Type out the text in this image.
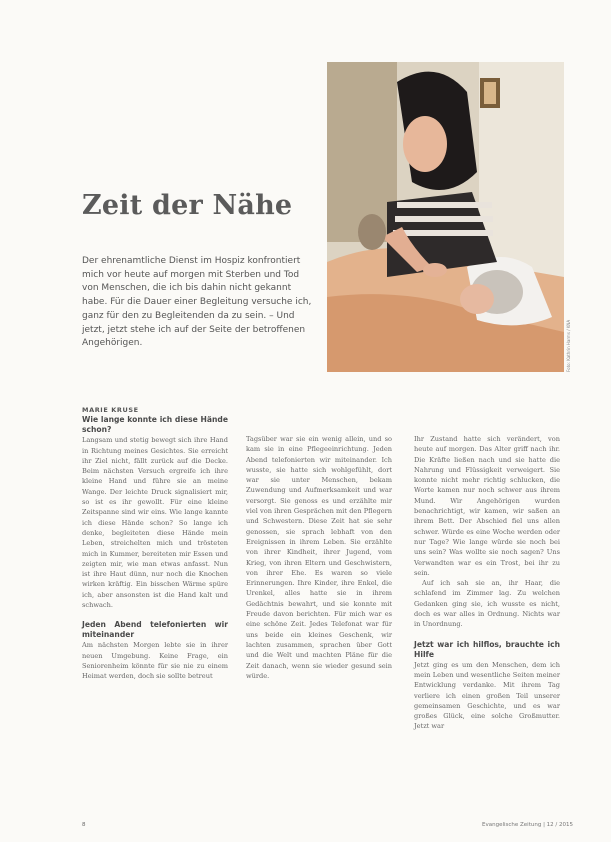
Foto: Kathrin Harms / KNA
Zeit der Nähe

Der ehrenamtliche Dienst im Hospiz konfrontiert mich vor heute auf morgen mit Sterben und Tod von Menschen, die ich bis dahin nicht gekannt habe. Für die Dauer einer Begleitung versuche ich, ganz für den zu Begleitenden da zu sein. – Und jetzt, jetzt stehe ich auf der Seite der betroffenen Angehörigen.

MARIE KRUSE

Wie lange konnte ich diese Hände schon?

Langsam und stetig bewegt sich ihre Hand in Richtung meines Gesichtes. Sie erreicht ihr Ziel nicht, fällt zurück auf die Decke. Beim nächsten Versuch ergreife ich ihre kleine Hand und führe sie an meine Wange. Der leichte Druck signalisiert mir, so ist es ihr gewollt. Für eine kleine Zeitspanne sind wir eins. Wie lange kannte ich diese Hände schon? So lange ich denke, begleiteten diese Hände mein Leben, streichelten mich und trösteten mich in Kummer, bereiteten mir Essen und zeigten mir, wie man etwas anfasst. Nun ist ihre Haut dünn, nur noch die Knochen wirken kräftig. Ein bisschen Wärme spüre ich, aber ansonsten ist die Hand kalt und schwach.

Jeden Abend telefonierten wir miteinander

Am nächsten Morgen lebte sie in ihrer neuen Umgebung. Keine Frage, ein Seniorenheim könnte für sie nie zu einem Heimat werden, doch sie sollte betreut

Tagsüber war sie ein wenig allein, und so kam sie in eine Pflegeeinrichtung. Jeden Abend telefonierten wir miteinander. Ich wusste, sie hatte sich wohlgefühlt, dort war sie unter Menschen, bekam Zuwendung und Aufmerksamkeit und war versorgt. Sie genoss es und erzählte mir viel von ihren Gesprächen mit den Pflegern und Schwestern. Diese Zeit hat sie sehr genossen, sie sprach lebhaft von den Ereignissen in ihrem Leben. Sie erzählte von ihrer Kindheit, ihrer Jugend, vom Krieg, von ihren Eltern und Geschwistern, von ihrer Ehe. Es waren so viele Erinnerungen. Ihre Kinder, ihre Enkel, die Urenkel, alles hatte sie in ihrem Gedächtnis bewahrt, und sie konnte mit Freude davon berichten. Für mich war es eine schöne Zeit. Jedes Telefonat war für uns beide ein kleines Geschenk, wir lachten zusammen, sprachen über Gott und die Welt und machten Pläne für die Zeit danach, wenn sie wieder gesund sein würde.

Ihr Zustand hatte sich verändert, von heute auf morgen. Das Alter griff nach ihr. Die Kräfte ließen nach und sie hatte die Nahrung und Flüssigkeit verweigert. Sie konnte nicht mehr richtig schlucken, die Worte kamen nur noch schwer aus ihrem Mund. Wir Angehörigen wurden benachrichtigt, wir kamen, wir saßen an ihrem Bett. Der Abschied fiel uns allen schwer. Würde es eine Woche werden oder nur Tage? Wie lange würde sie noch bei uns sein? Was wollte sie noch sagen? Uns Verwandten war es ein Trost, bei ihr zu sein.

Auf ich sah sie an, ihr Haar, die schlafend im Zimmer lag. Zu welchen Gedanken ging sie, ich wusste es nicht, doch es war alles in Ordnung. Nichts war in Unordnung.

Jetzt war ich hilflos, brauchte ich Hilfe

Jetzt ging es um den Menschen, dem ich mein Leben und wesentliche Seiten meiner Entwicklung verdanke. Mit ihrem Tag verliere ich einen großen Teil unserer gemeinsamen Geschichte, und es war großes Glück, eine solche Großmutter. Jetzt war

8	Evangelische Zeitung | 12 / 2015
